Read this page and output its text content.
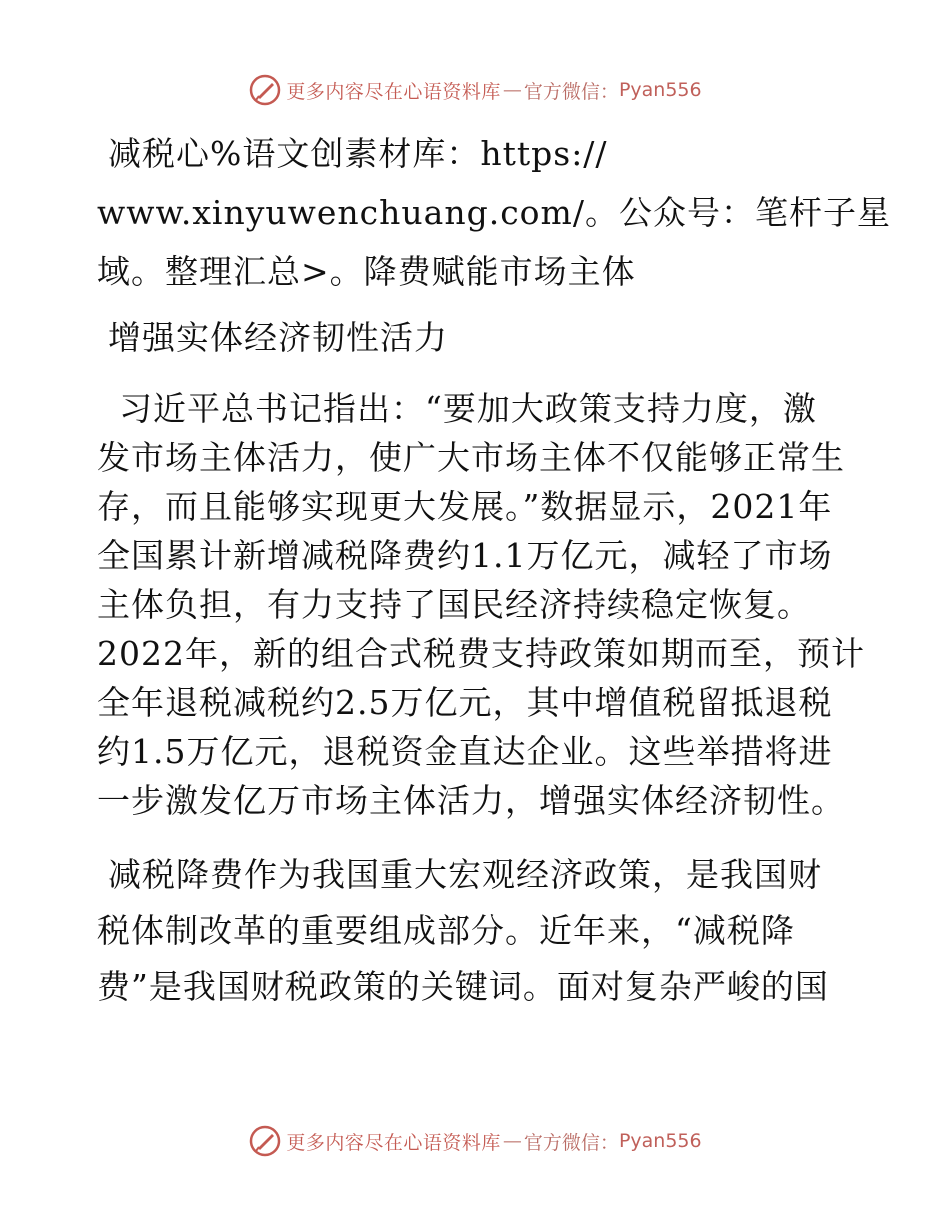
更多内容尽在心语资料库 — 官方微信： Pyan556
减税心%语文创素材库：https://
www.xinyuwenchuang.com/。公众号：笔杆子星
域。整理汇总>。降费赋能市场主体
增强实体经济韧性活力
习近平总书记指出：“要加大政策支持力度，激
发市场主体活力，使广大市场主体不仅能够正常生
存，而且能够实现更大发展。”数据显示，2021年
全国累计新增减税降费约1.1万亿元，减轻了市场
主体负担，有力支持了国民经济持续稳定恢复。
2022年，新的组合式税费支持政策如期而至，预计
全年退税减税约2.5万亿元，其中增值税留抵退税
约1.5万亿元，退税资金直达企业。这些举措将进
一步激发亿万市场主体活力，增强实体经济韧性。
减税降费作为我国重大宏观经济政策，是我国财
税体制改革的重要组成部分。近年来，“减税降
费”是我国财税政策的关键词。面对复杂严峻的国
更多内容尽在心语资料库 — 官方微信： Pyan556
